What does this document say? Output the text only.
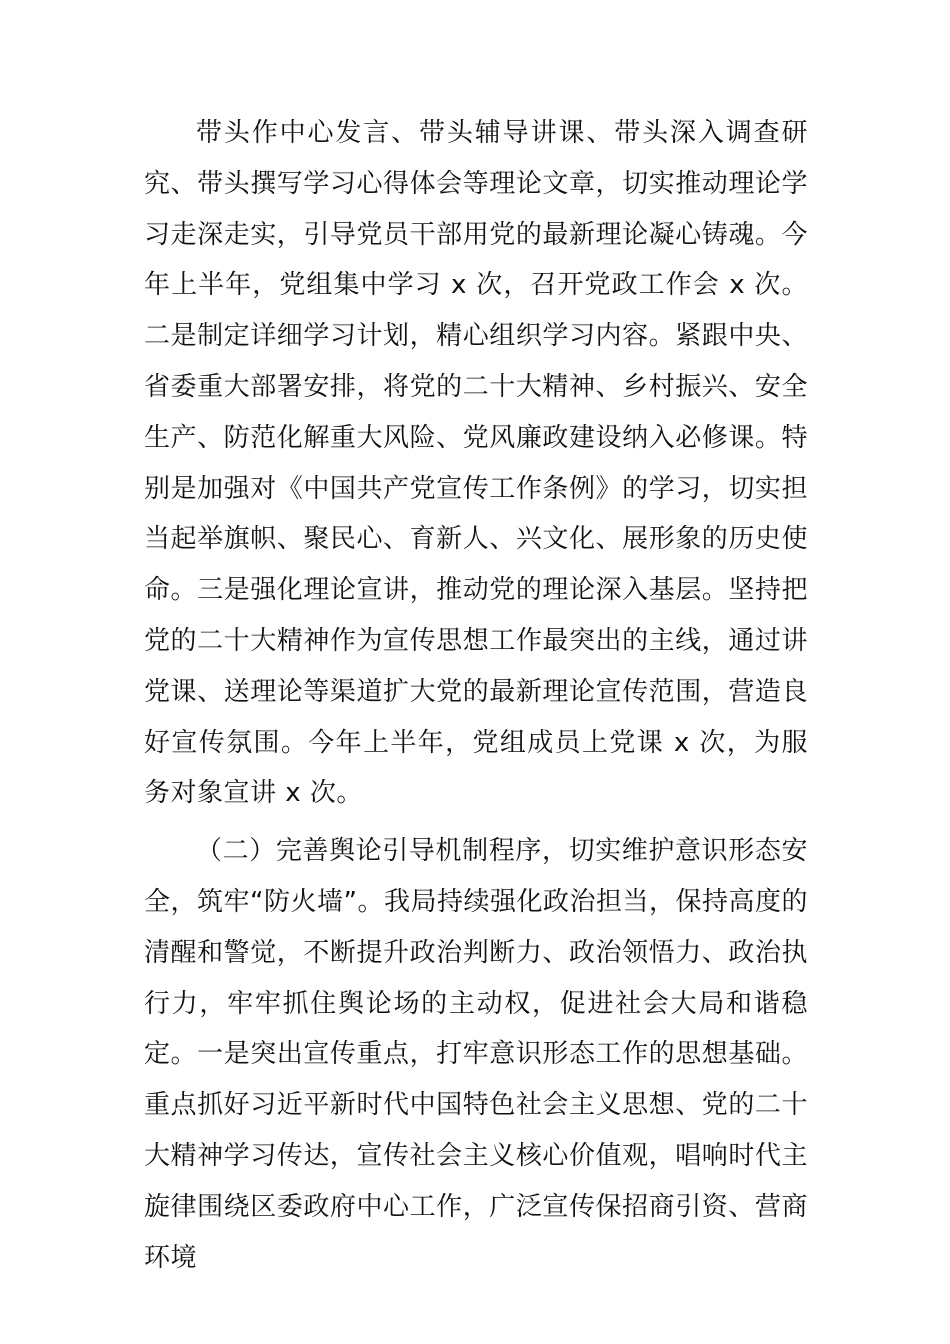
带头作中心发言、带头辅导讲课、带头深入调查研究、带头撰写学习心得体会等理论文章，切实推动理论学习走深走实，引导党员干部用党的最新理论凝心铸魂。今年上半年，党组集中学习 x 次，召开党政工作会 x 次。二是制定详细学习计划，精心组织学习内容。紧跟中央、省委重大部署安排，将党的二十大精神、乡村振兴、安全生产、防范化解重大风险、党风廉政建设纳入必修课。特别是加强对《中国共产党宣传工作条例》的学习，切实担当起举旗帜、聚民心、育新人、兴文化、展形象的历史使命。三是强化理论宣讲，推动党的理论深入基层。坚持把党的二十大精神作为宣传思想工作最突出的主线，通过讲党课、送理论等渠道扩大党的最新理论宣传范围，营造良好宣传氛围。今年上半年，党组成员上党课 x 次，为服务对象宣讲 x 次。

（二）完善舆论引导机制程序，切实维护意识形态安全，筑牢“防火墙”。我局持续强化政治担当，保持高度的清醒和警觉，不断提升政治判断力、政治领悟力、政治执行力，牢牢抓住舆论场的主动权，促进社会大局和谐稳定。一是突出宣传重点，打牢意识形态工作的思想基础。重点抓好习近平新时代中国特色社会主义思想、党的二十大精神学习传达，宣传社会主义核心价值观，唱响时代主旋律围绕区委政府中心工作，广泛宣传保招商引资、营商环境
